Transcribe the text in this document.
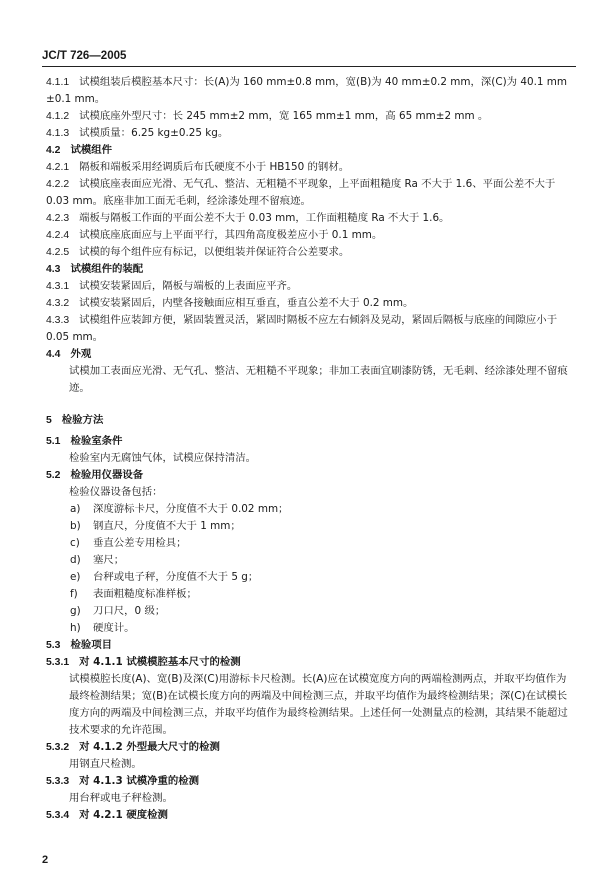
JC/T 726—2005

4.1.1 试模组装后模腔基本尺寸：长(A)为 160 mm±0.8 mm，宽(B)为 40 mm±0.2 mm，深(C)为 40.1 mm ±0.1 mm。

4.1.2 试模底座外型尺寸：长 245 mm±2 mm，宽 165 mm±1 mm，高 65 mm±2 mm 。

4.1.3 试模质量：6.25 kg±0.25 kg。

4.2 试模组件

4.2.1 隔板和端板采用经调质后布氏硬度不小于 HB150 的钢材。

4.2.2 试模底座表面应光滑、无气孔、整洁、无粗糙不平现象，上平面粗糙度 Ra 不大于 1.6、平面公差不大于 0.03 mm。底座非加工面无毛刺，经涂漆处理不留痕迹。

4.2.3 端板与隔板工作面的平面公差不大于 0.03 mm，工作面粗糙度 Ra 不大于 1.6。

4.2.4 试模底座底面应与上平面平行，其四角高度极差应小于 0.1 mm。

4.2.5 试模的每个组件应有标记，以便组装并保证符合公差要求。

4.3 试模组件的装配

4.3.1 试模安装紧固后，隔板与端板的上表面应平齐。

4.3.2 试模安装紧固后，内壁各接触面应相互垂直，垂直公差不大于 0.2 mm。

4.3.3 试模组件应装卸方便，紧固装置灵活，紧固时隔板不应左右倾斜及晃动，紧固后隔板与底座的间隙应小于 0.05 mm。

4.4 外观

试模加工表面应光滑、无气孔、整洁、无粗糙不平现象；非加工表面宜刷漆防锈，无毛刺、经涂漆处理不留痕迹。

5 检验方法

5.1 检验室条件

检验室内无腐蚀气体，试模应保持清洁。

5.2 检验用仪器设备

检验仪器设备包括：

a) 深度游标卡尺，分度值不大于 0.02 mm；

b) 钢直尺，分度值不大于 1 mm；

c) 垂直公差专用检具；

d) 塞尺；

e) 台秤或电子秤，分度值不大于 5 g；

f) 表面粗糙度标准样板；

g) 刀口尺，0 级；

h) 硬度计。

5.3 检验项目

5.3.1 对 4.1.1 试模模腔基本尺寸的检测

试模模腔长度(A)、宽(B)及深(C)用游标卡尺检测。长(A)应在试模宽度方向的两端检测两点，并取平均值作为最终检测结果；宽(B)在试模长度方向的两端及中间检测三点，并取平均值作为最终检测结果；深(C)在试模长度方向的两端及中间检测三点，并取平均值作为最终检测结果。上述任何一处测量点的检测，其结果不能超过技术要求的允许范围。

5.3.2 对 4.1.2 外型最大尺寸的检测

用钢直尺检测。

5.3.3 对 4.1.3 试模净重的检测

用台秤或电子秤检测。

5.3.4 对 4.2.1 硬度检测

2
